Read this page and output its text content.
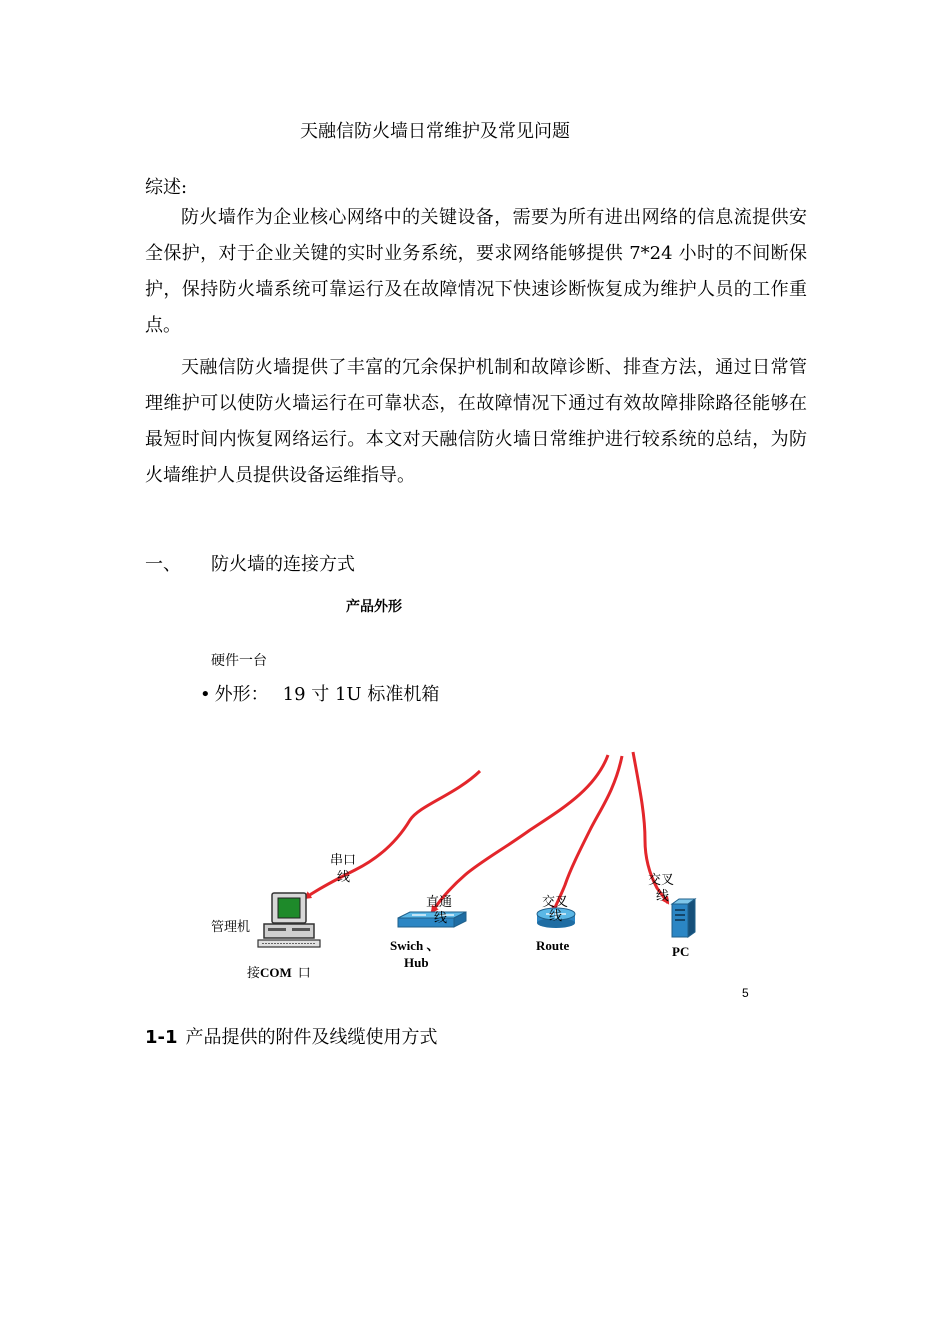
天融信防火墙日常维护及常见问题
综述:

防火墙作为企业核心网络中的关键设备，需要为所有进出网络的信息流提供安全保护，对于企业关键的实时业务系统，要求网络能够提供 7*24 小时的不间断保护，保持防火墙系统可靠运行及在故障情况下快速诊断恢复成为维护人员的工作重点。

天融信防火墙提供了丰富的冗余保护机制和故障诊断、排查方法，通过日常管理维护可以使防火墙运行在可靠状态，在故障情况下通过有效故障排除路径能够在最短时间内恢复网络运行。本文对天融信防火墙日常维护进行较系统的总结，为防火墙维护人员提供设备运维指导。

一、 防火墙的连接方式
产品外形
硬件一台
• 外形： 19 寸 1U 标准机箱
串口
线
直通
线
交叉
线
交叉
线
管理机
接COM 口
Swich 、
Hub
Route	PC
5
1-1 产品提供的附件及线缆使用方式
